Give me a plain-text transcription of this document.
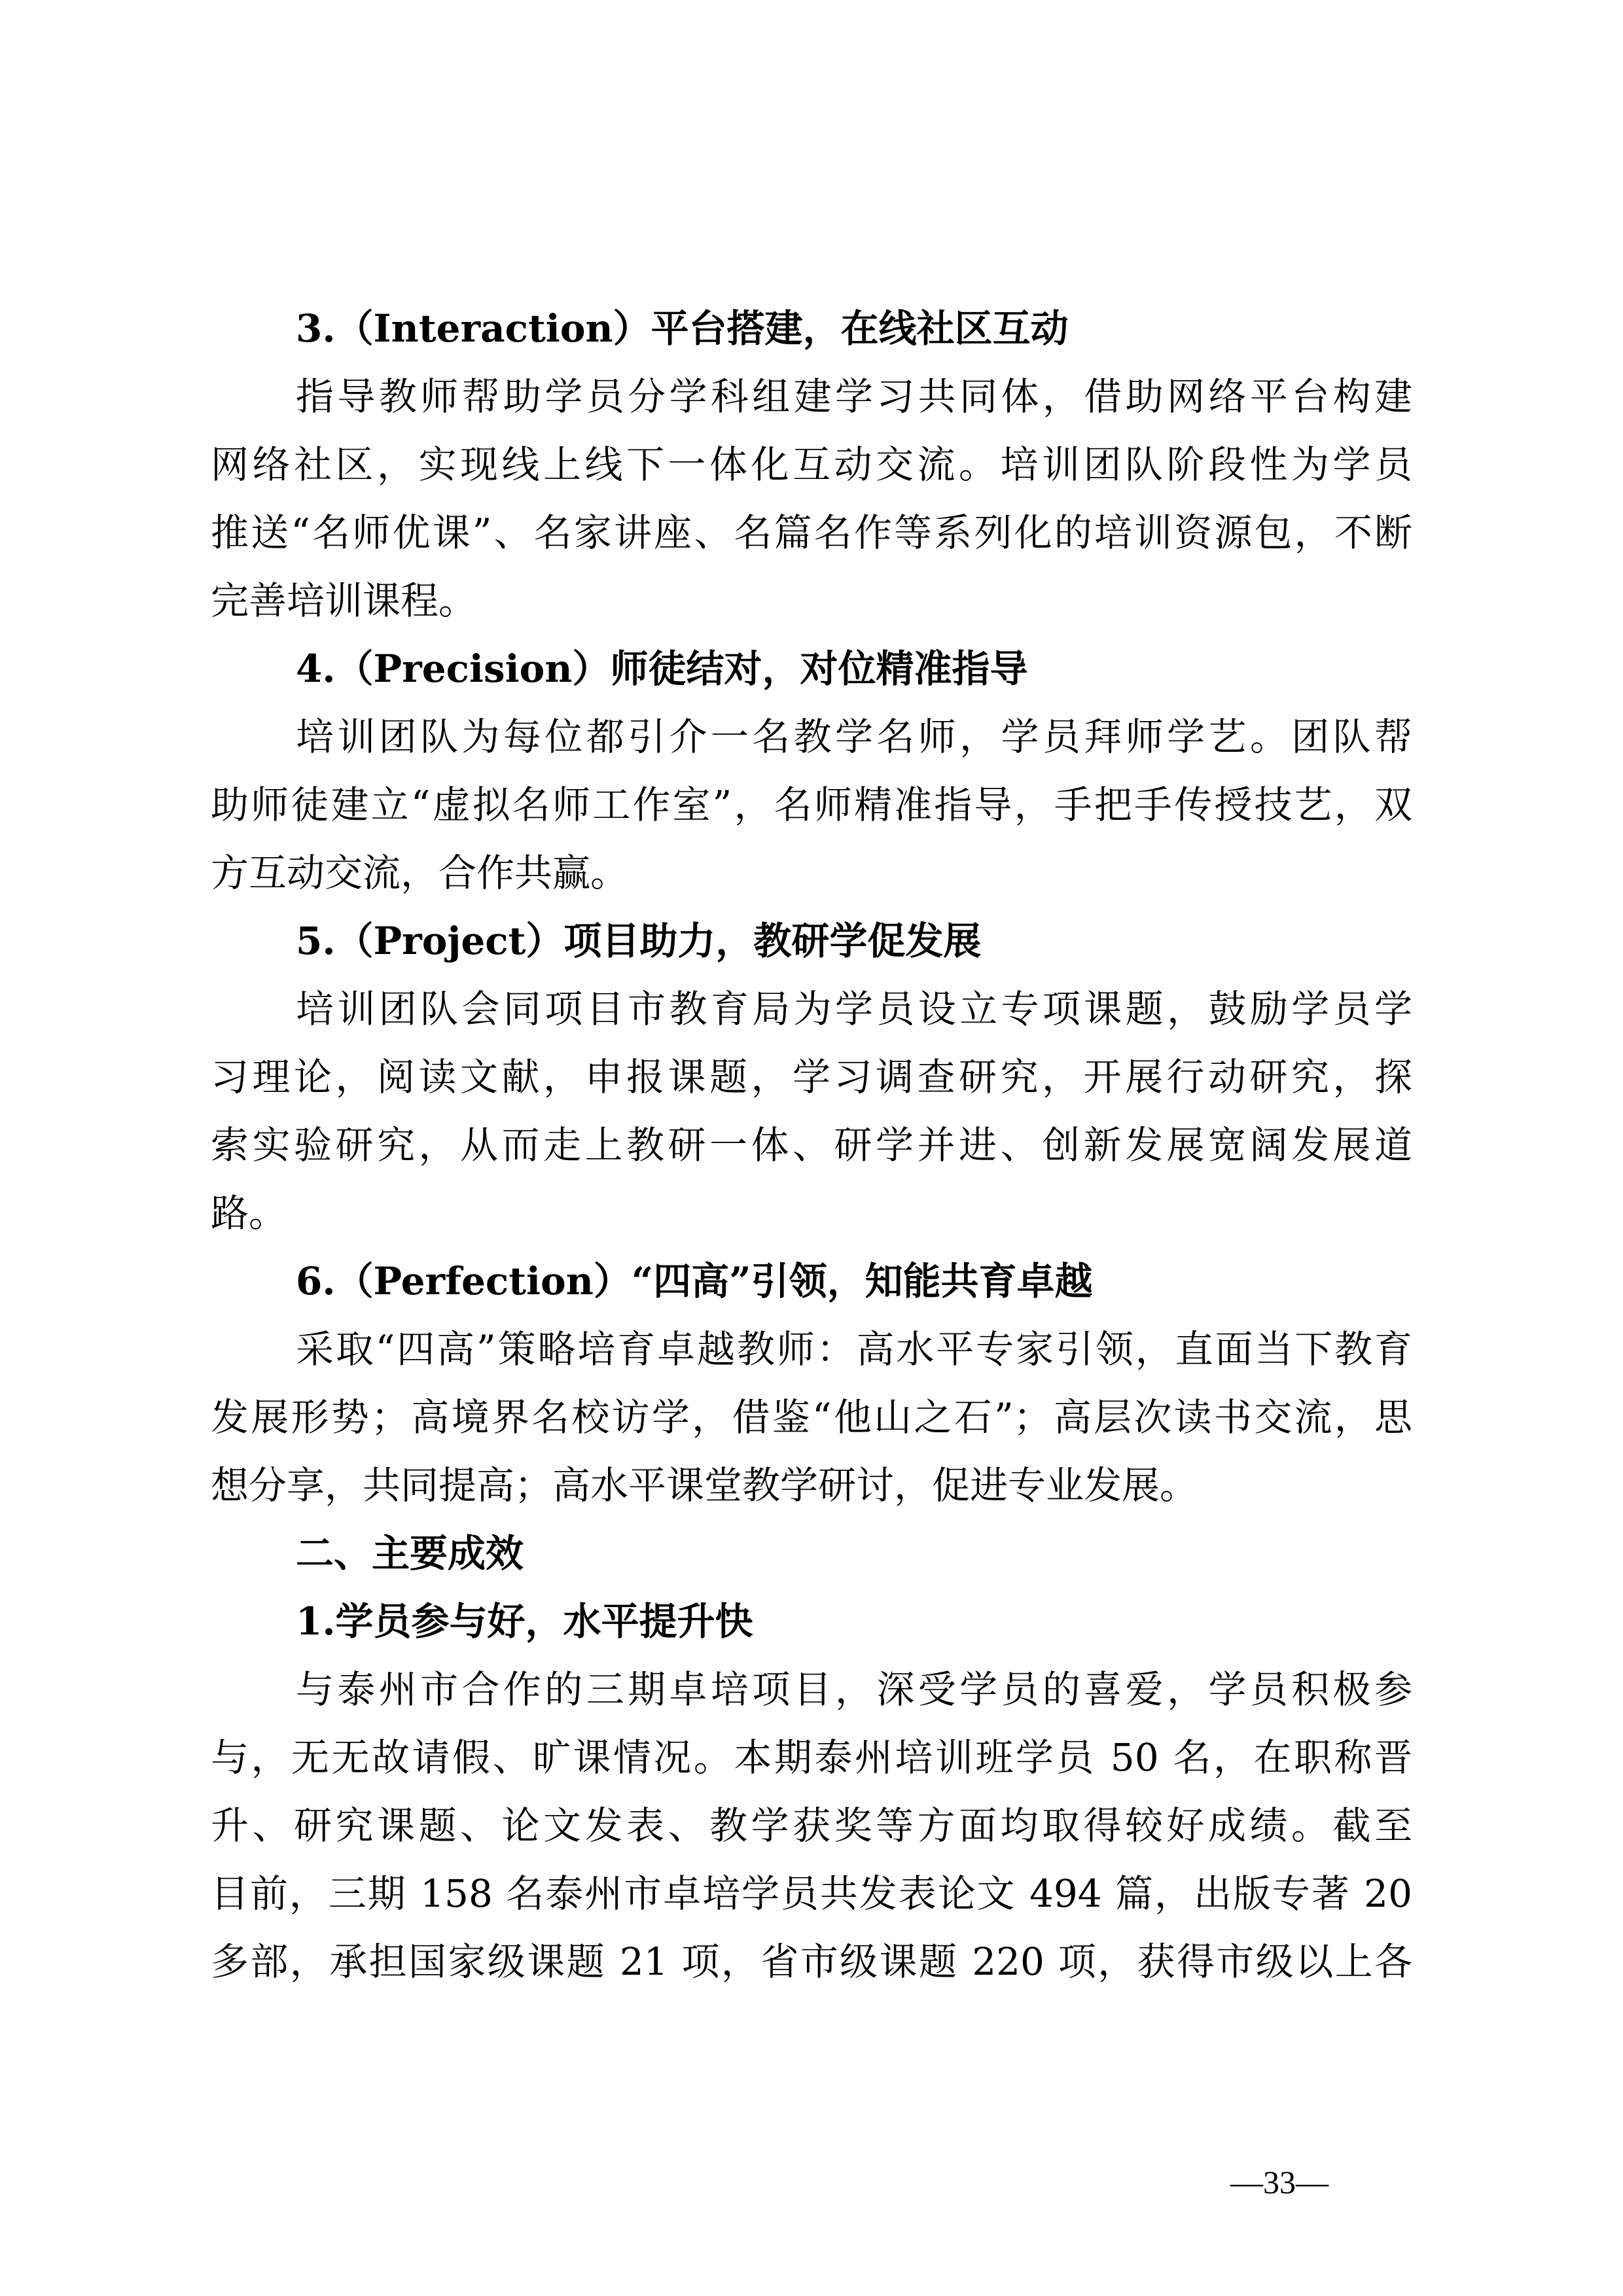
3.（Interaction）平台搭建，在线社区互动
指导教师帮助学员分学科组建学习共同体，借助网络平台构建
网络社区，实现线上线下一体化互动交流。培训团队阶段性为学员
推送“名师优课”、名家讲座、名篇名作等系列化的培训资源包，不断
完善培训课程。
4.（Precision）师徒结对，对位精准指导
培训团队为每位都引介一名教学名师，学员拜师学艺。团队帮
助师徒建立“虚拟名师工作室”，名师精准指导，手把手传授技艺，双
方互动交流，合作共赢。
5.（Project）项目助力，教研学促发展
培训团队会同项目市教育局为学员设立专项课题，鼓励学员学
习理论，阅读文献，申报课题，学习调查研究，开展行动研究，探
索实验研究，从而走上教研一体、研学并进、创新发展宽阔发展道
路。
6.（Perfection）“四高”引领，知能共育卓越
采取“四高”策略培育卓越教师：高水平专家引领，直面当下教育
发展形势；高境界名校访学，借鉴“他山之石”；高层次读书交流，思
想分享，共同提高；高水平课堂教学研讨，促进专业发展。
二、主要成效
1.学员参与好，水平提升快
与泰州市合作的三期卓培项目，深受学员的喜爱，学员积极参
与，无无故请假、旷课情况。本期泰州培训班学员 50 名，在职称晋
升、研究课题、论文发表、教学获奖等方面均取得较好成绩。截至
目前，三期 158 名泰州市卓培学员共发表论文 494 篇，出版专著 20
多部，承担国家级课题 21 项，省市级课题 220 项，获得市级以上各
—33—
